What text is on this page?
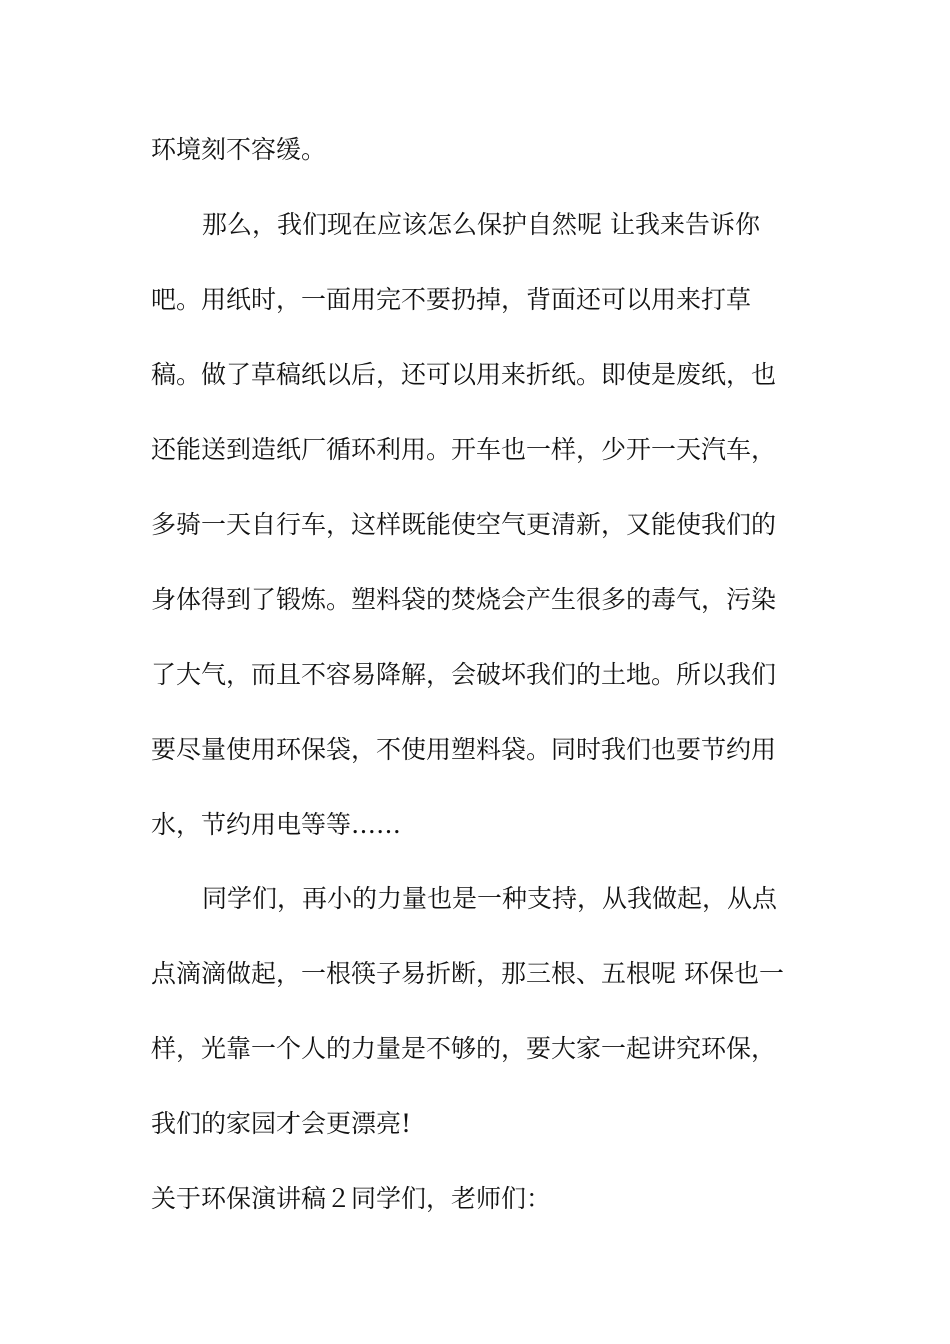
环境刻不容缓。
那么，我们现在应该怎么保护自然呢 让我来告诉你
吧。用纸时，一面用完不要扔掉，背面还可以用来打草
稿。做了草稿纸以后，还可以用来折纸。即使是废纸，也
还能送到造纸厂循环利用。开车也一样，少开一天汽车，
多骑一天自行车，这样既能使空气更清新，又能使我们的
身体得到了锻炼。塑料袋的焚烧会产生很多的毒气，污染
了大气，而且不容易降解，会破坏我们的土地。所以我们
要尽量使用环保袋，不使用塑料袋。同时我们也要节约用
水，节约用电等等……
同学们，再小的力量也是一种支持，从我做起，从点
点滴滴做起，一根筷子易折断，那三根、五根呢 环保也一
样，光靠一个人的力量是不够的，要大家一起讲究环保，
我们的家园才会更漂亮!
关于环保演讲稿２同学们，老师们：
